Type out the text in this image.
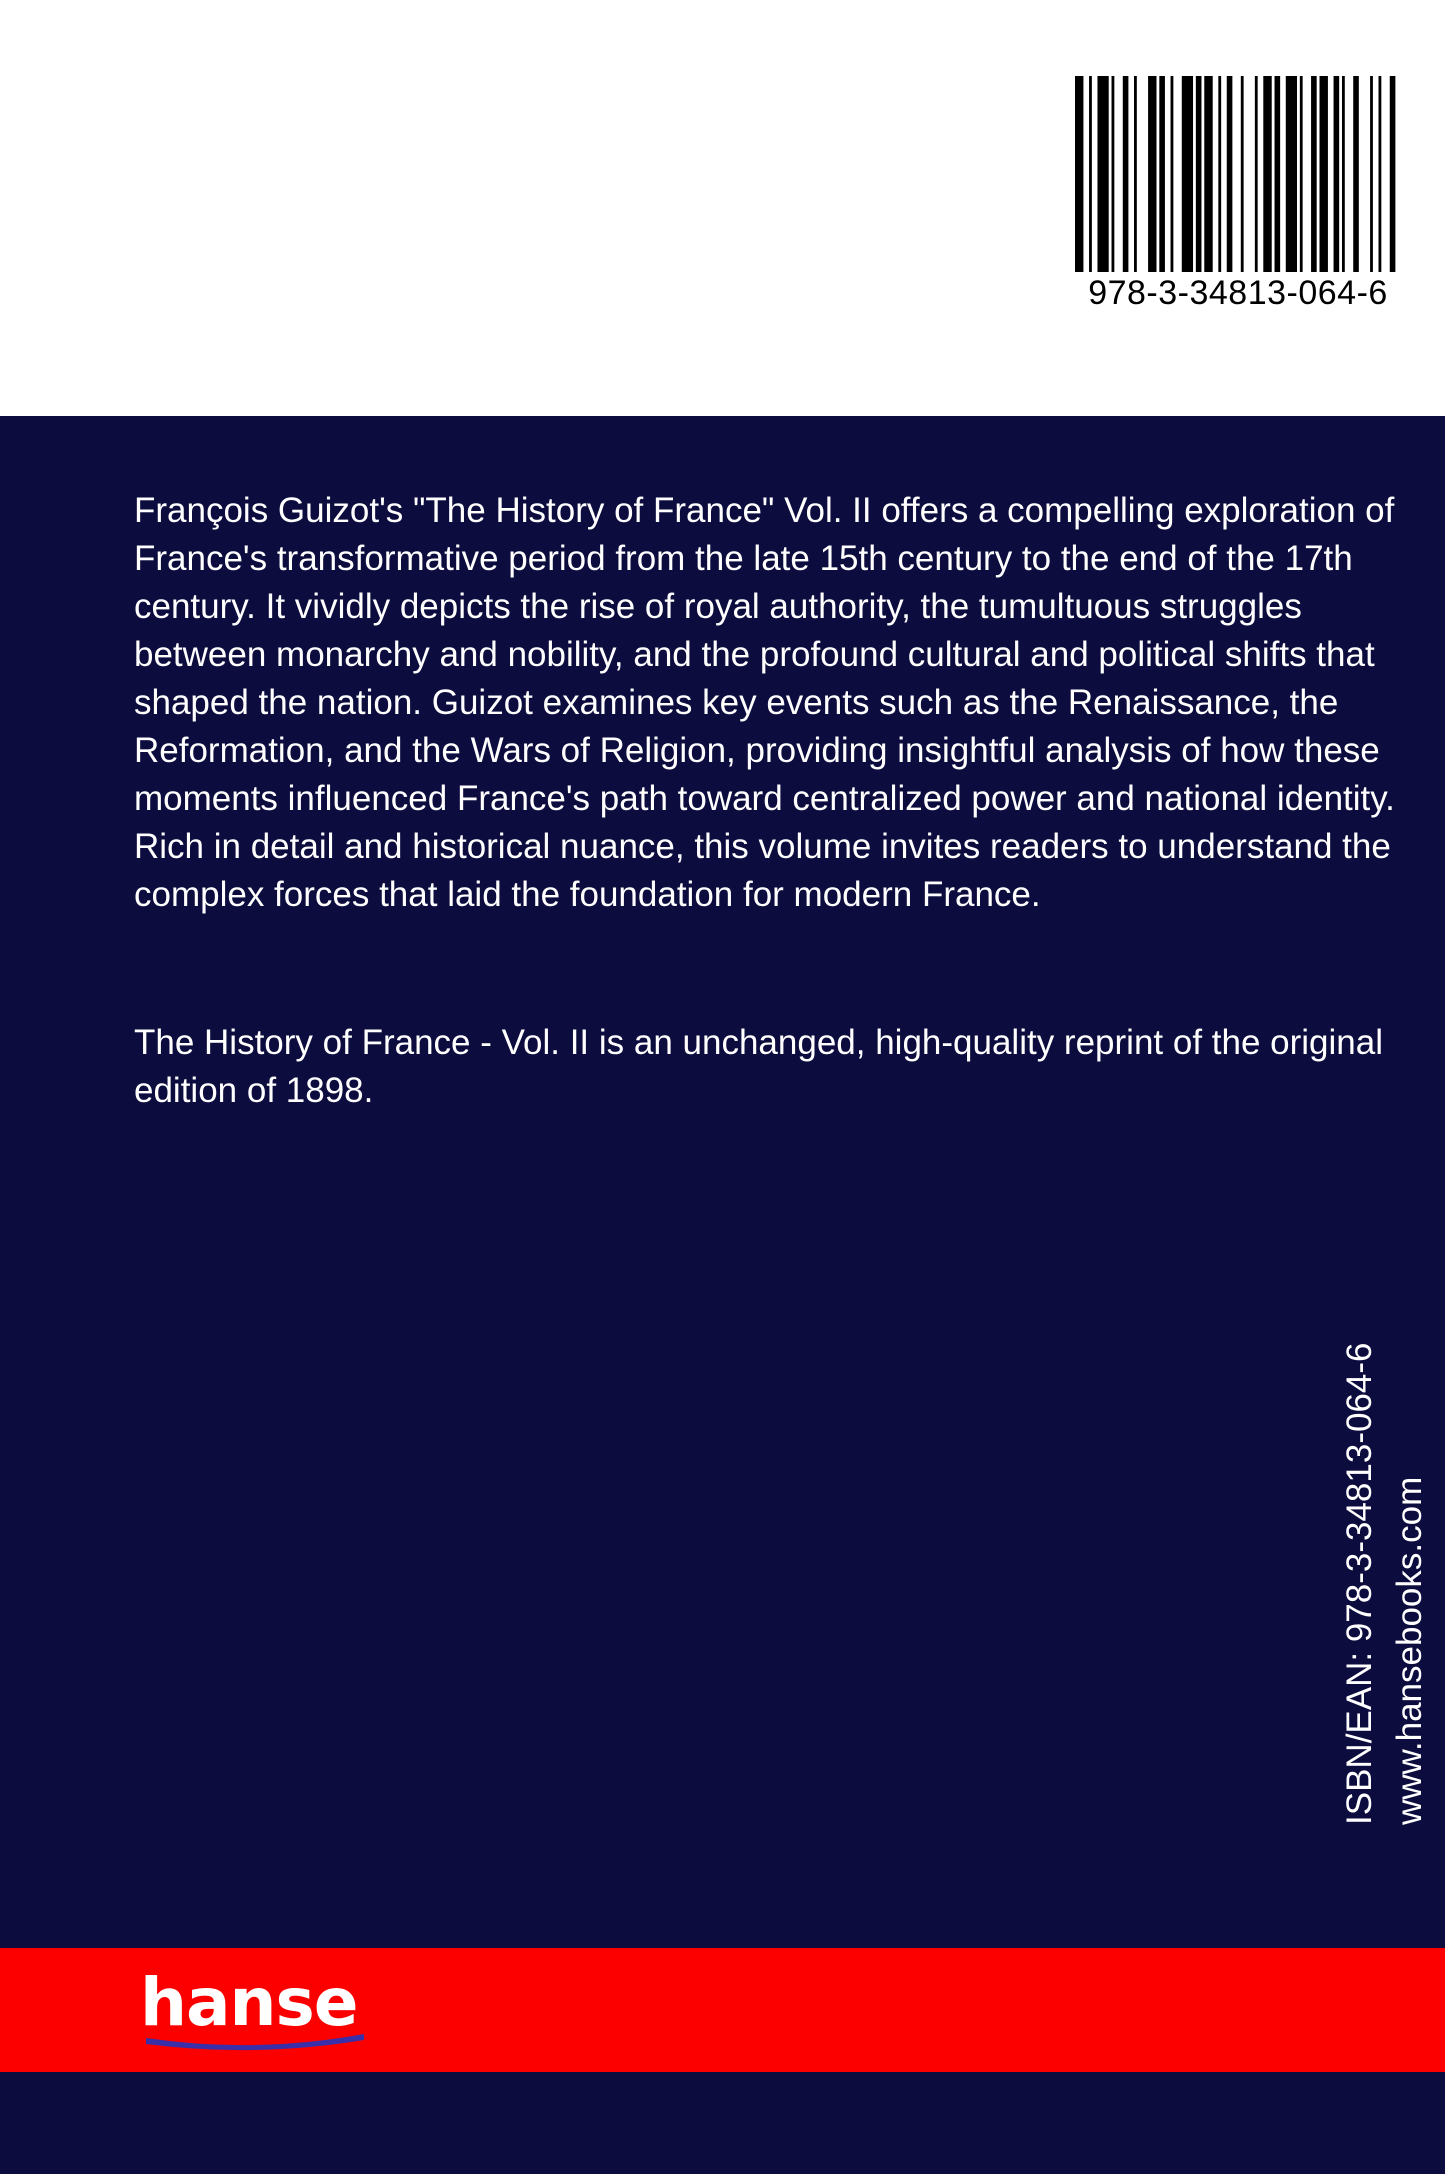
978-3-34813-064-6

François Guizot's "The History of France" Vol. II offers a compelling exploration of France's transformative period from the late 15th century to the end of the 17th century. It vividly depicts the rise of royal authority, the tumultuous struggles between monarchy and nobility, and the profound cultural and political shifts that shaped the nation. Guizot examines key events such as the Renaissance, the Reformation, and the Wars of Religion, providing insightful analysis of how these moments influenced France's path toward centralized power and national identity. Rich in detail and historical nuance, this volume invites readers to understand the complex forces that laid the foundation for modern France.

The History of France - Vol. II is an unchanged, high-quality reprint of the original edition of 1898.

ISBN/EAN: 978-3-34813-064-6 www.hansebooks.com
hanse
